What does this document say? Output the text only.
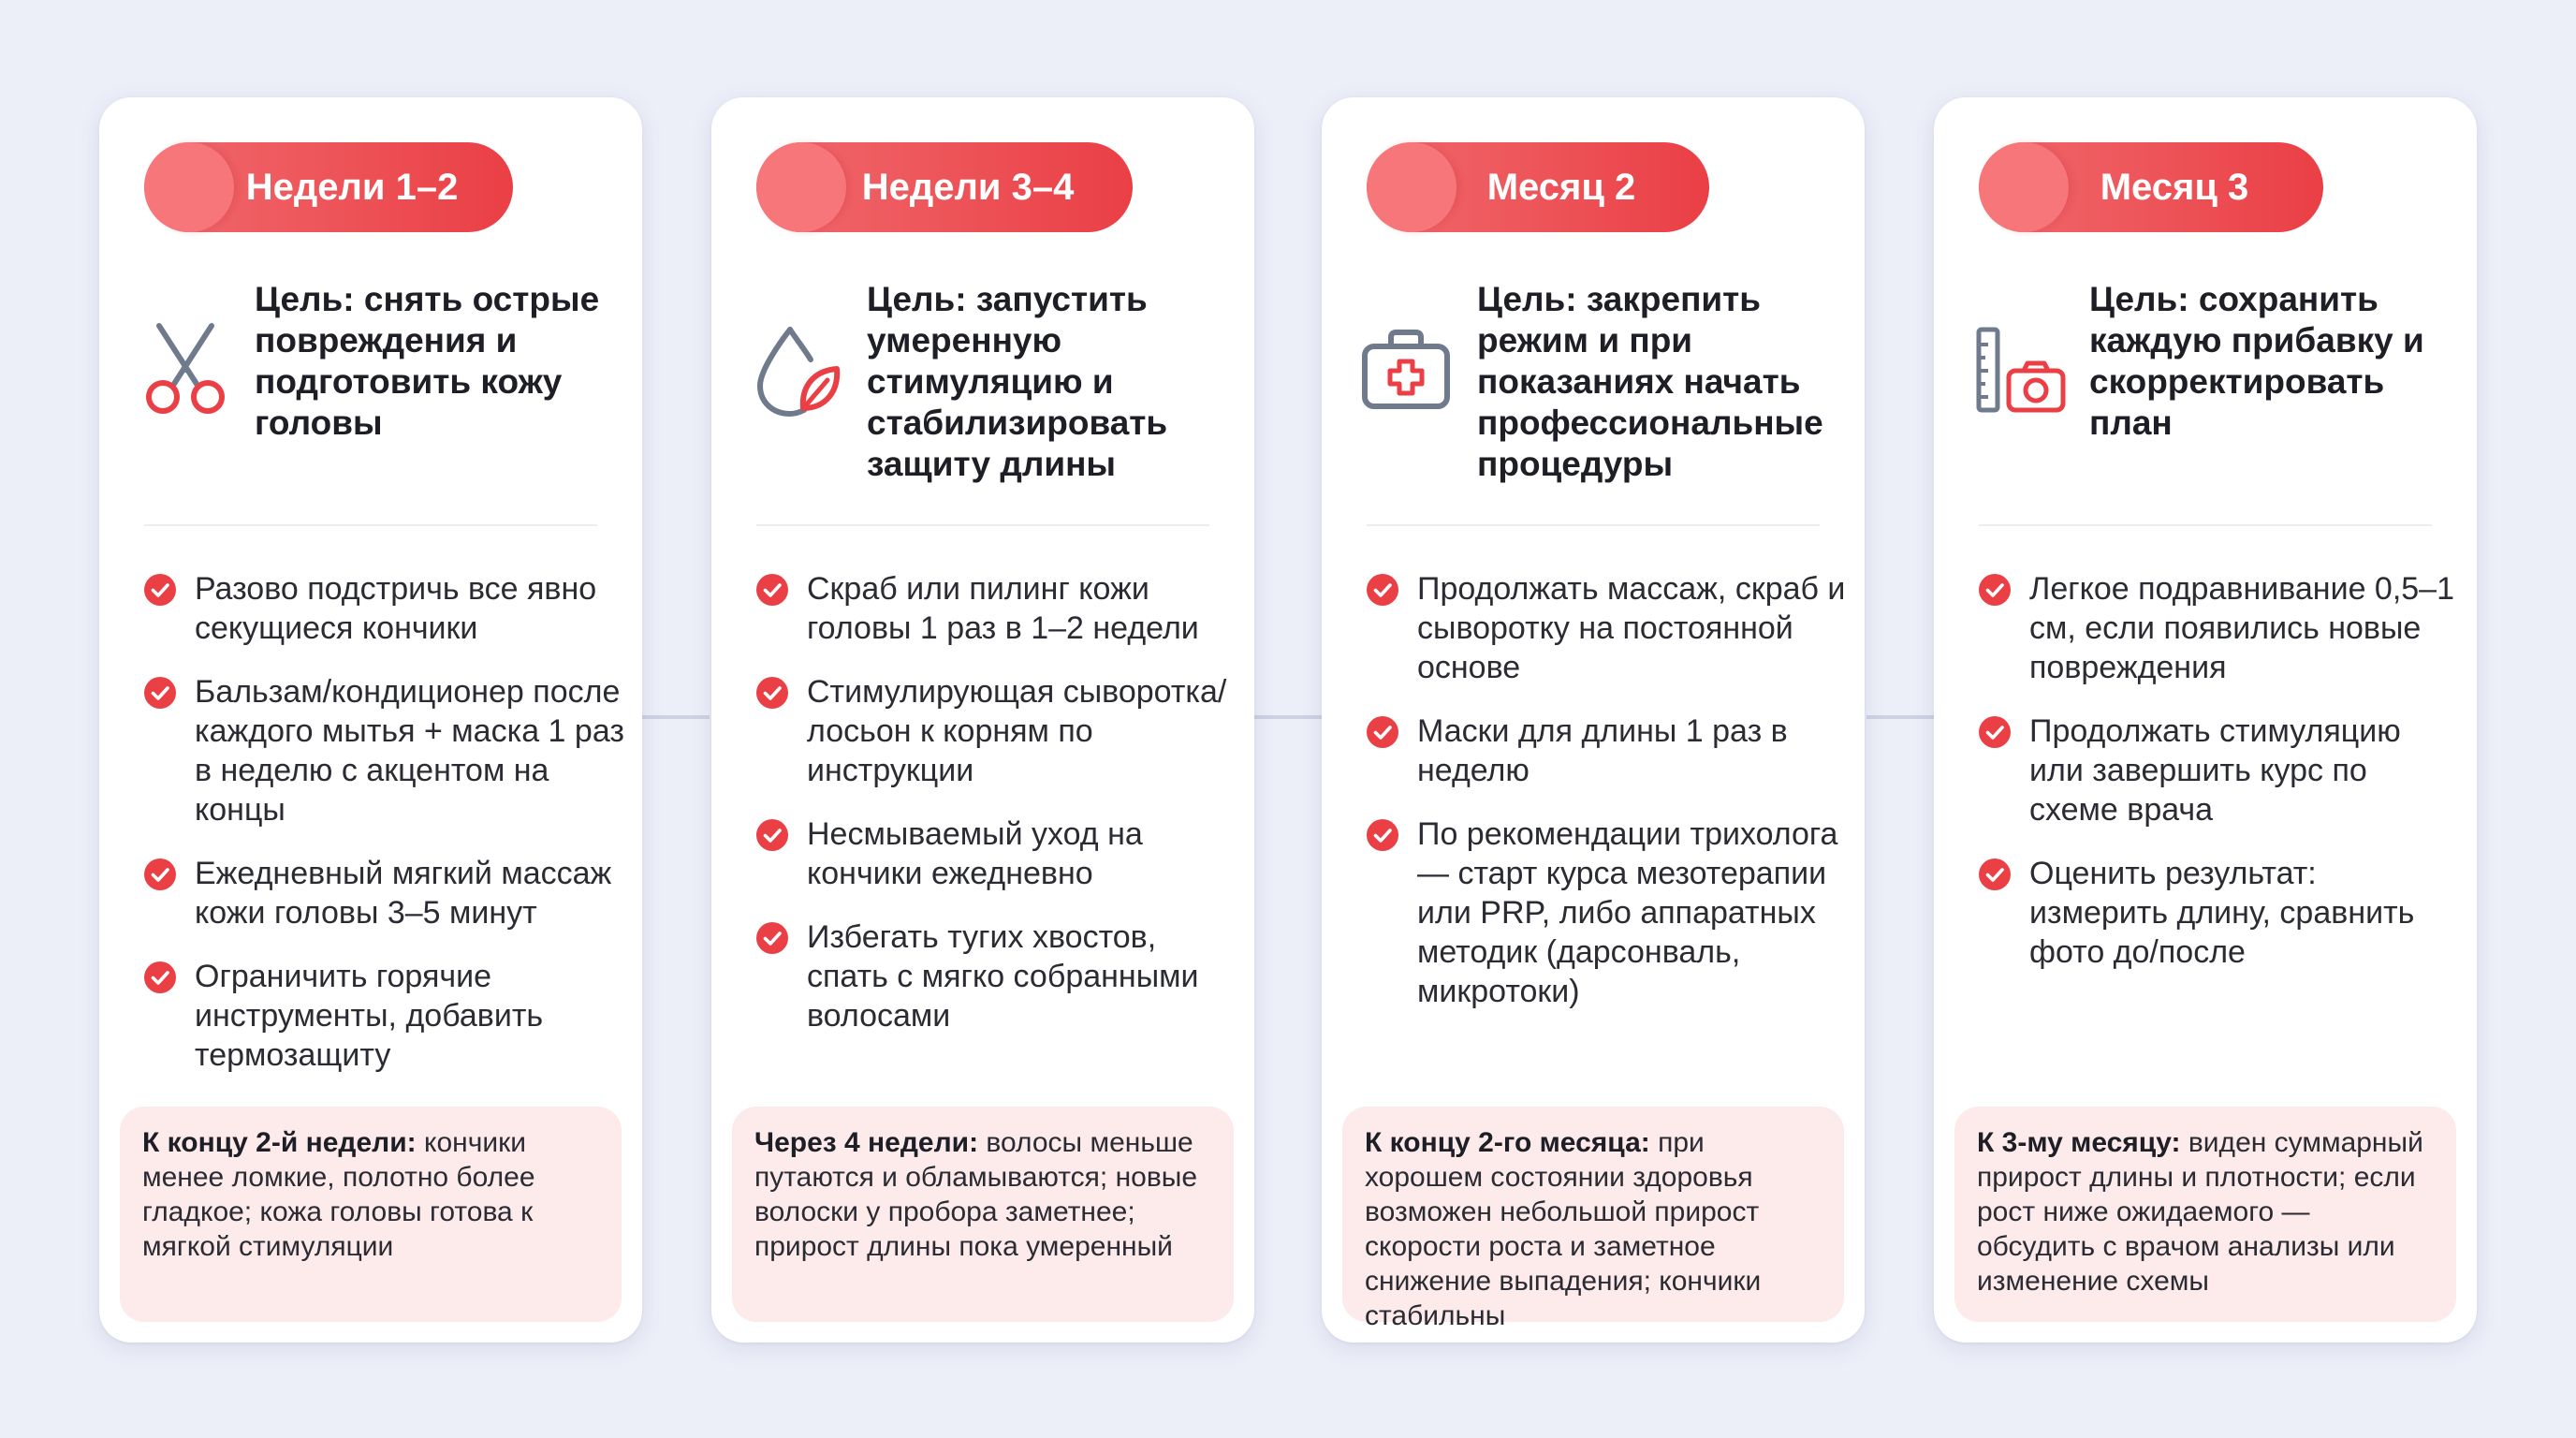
Недели 1–2

Цель: снять острые повреждения и подготовить кожу головы

Разово подстричь все явно секущиеся кончики
Бальзам/кондиционер после каждого мытья + маска 1 раз в неделю с акцентом на концы
Ежедневный мягкий массаж кожи головы 3–5 минут
Ограничить горячие инструменты, добавить термозащиту
К концу 2-й недели: кончики менее ломкие, полотно более гладкое; кожа головы готова к мягкой стимуляции
Недели 3–4

Цель: запустить умеренную стимуляцию и стабилизировать защиту длины

Скраб или пилинг кожи головы 1 раз в 1–2 недели
Стимулирующая сыворотка/лосьон к корням по инструкции
Несмываемый уход на кончики ежедневно
Избегать тугих хвостов, спать с мягко собранными волосами
Через 4 недели: волосы меньше путаются и обламываются; новые волоски у пробора заметнее; прирост длины пока умеренный
Месяц 2

Цель: закрепить режим и при показаниях начать профессиональные процедуры

Продолжать массаж, скраб и сыворотку на постоянной основе
Маски для длины 1 раз в неделю
По рекомендации трихолога — старт курса мезотерапии или PRP, либо аппаратных методик (дарсонваль, микротоки)
К концу 2-го месяца: при хорошем состоянии здоровья возможен небольшой прирост скорости роста и заметное снижение выпадения; кончики стабильны
Месяц 3

Цель: сохранить каждую прибавку и скорректировать план

Легкое подравнивание 0,5–1 см, если появились новые повреждения
Продолжать стимуляцию или завершить курс по схеме врача
Оценить результат: измерить длину, сравнить фото до/после
К 3-му месяцу: виден суммарный прирост длины и плотности; если рост ниже ожидаемого — обсудить с врачом анализы или изменение схемы
